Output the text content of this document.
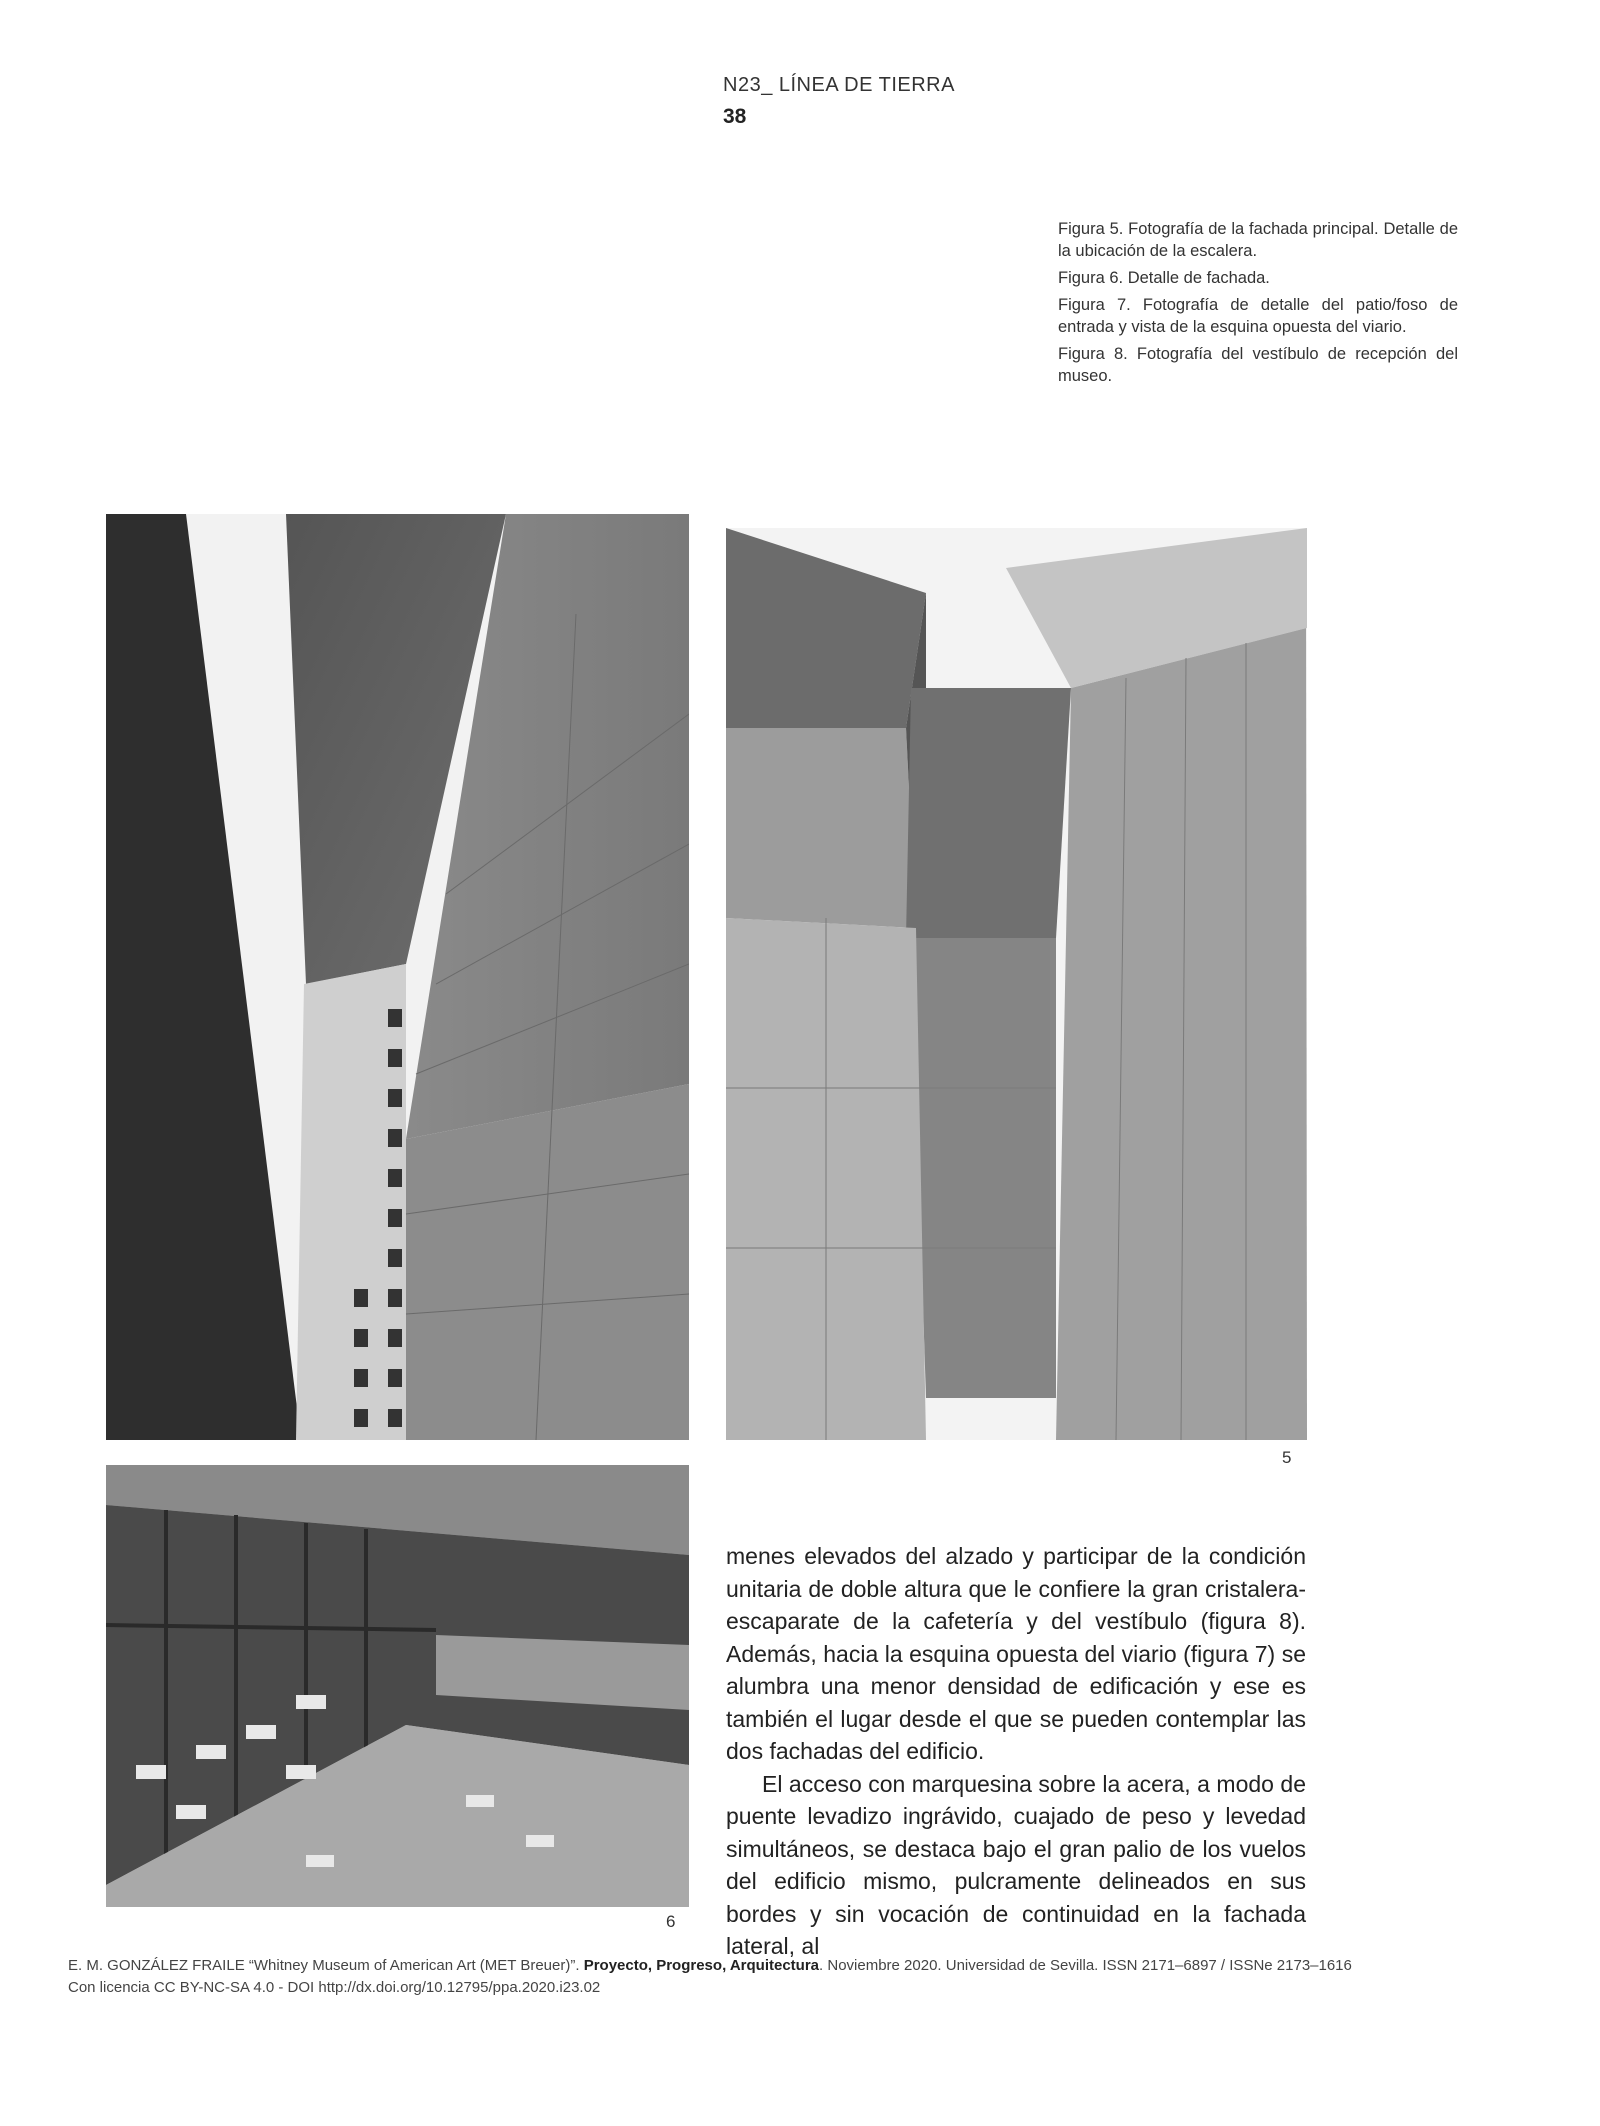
N23_ LÍNEA DE TIERRA
38

Figura 5. Fotografía de la fachada principal. Detalle de la ubicación de la escalera.

Figura 6. Detalle de fachada.

Figura 7. Fotografía de detalle del patio/foso de entrada y vista de la esquina opuesta del viario.

Figura 8. Fotografía del vestíbulo de recepción del museo.

5
6

menes elevados del alzado y participar de la condición unitaria de doble altura que le confiere la gran cristalera-escaparate de la cafetería y del vestíbulo (figura 8). Además, hacia la esquina opuesta del viario (figura 7) se alumbra una menor densidad de edificación y ese es también el lugar desde el que se pueden contemplar las dos fachadas del edificio.

El acceso con marquesina sobre la acera, a modo de puente levadizo ingrávido, cuajado de peso y levedad simultáneos, se destaca bajo el gran palio de los vuelos del edificio mismo, pulcramente delineados en sus bordes y sin vocación de continuidad en la fachada lateral, al

E. M. GONZÁLEZ FRAILE “Whitney Museum of American Art (MET Breuer)”. Proyecto, Progreso, Arquitectura. Noviembre 2020. Universidad de Sevilla. ISSN 2171–6897 / ISSNe 2173–1616
Con licencia CC BY-NC-SA 4.0 - DOI http://dx.doi.org/10.12795/ppa.2020.i23.02
